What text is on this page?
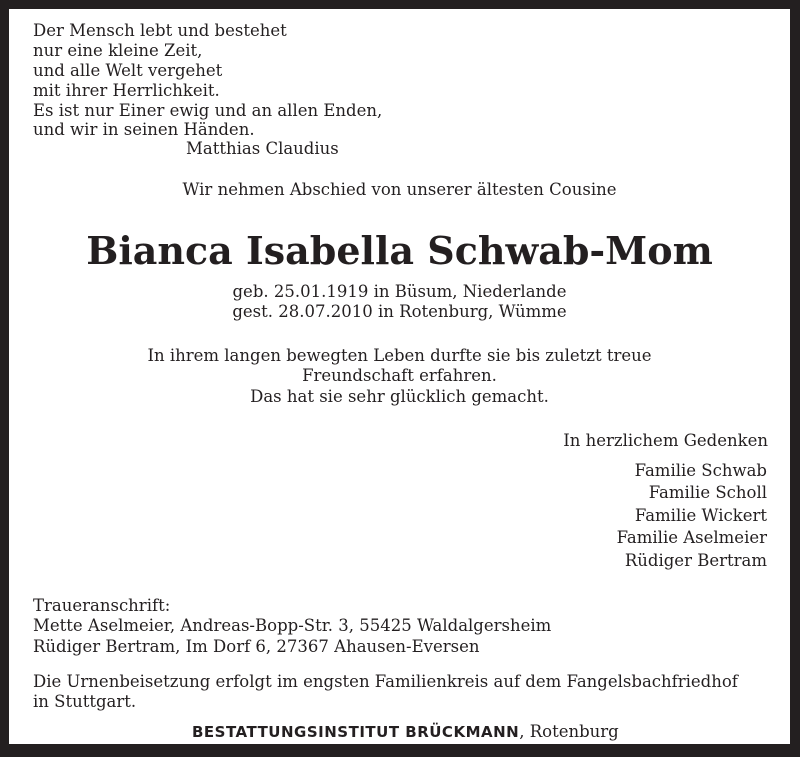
Der Mensch lebt und bestehet
nur eine kleine Zeit,
und alle Welt vergehet
mit ihrer Herrlichkeit.
Es ist nur Einer ewig und an allen Enden,
und wir in seinen Händen.
Matthias Claudius
Wir nehmen Abschied von unserer ältesten Cousine
Bianca Isabella Schwab-Mom
geb. 25.01.1919 in Büsum, Niederlande
gest. 28.07.2010 in Rotenburg, Wümme
In ihrem langen bewegten Leben durfte sie bis zuletzt treue
Freundschaft erfahren.
Das hat sie sehr glücklich gemacht.
In herzlichem Gedenken
Familie Schwab
Familie Scholl
Familie Wickert
Familie Aselmeier
Rüdiger Bertram
Traueranschrift:
Mette Aselmeier, Andreas-Bopp-Str. 3, 55425 Waldalgersheim
Rüdiger Bertram, Im Dorf 6, 27367 Ahausen-Eversen
Die Urnenbeisetzung erfolgt im engsten Familienkreis auf dem Fangelsbachfriedhof
in Stuttgart.
BESTATTUNGSINSTITUT BRÜCKMANN, Rotenburg
